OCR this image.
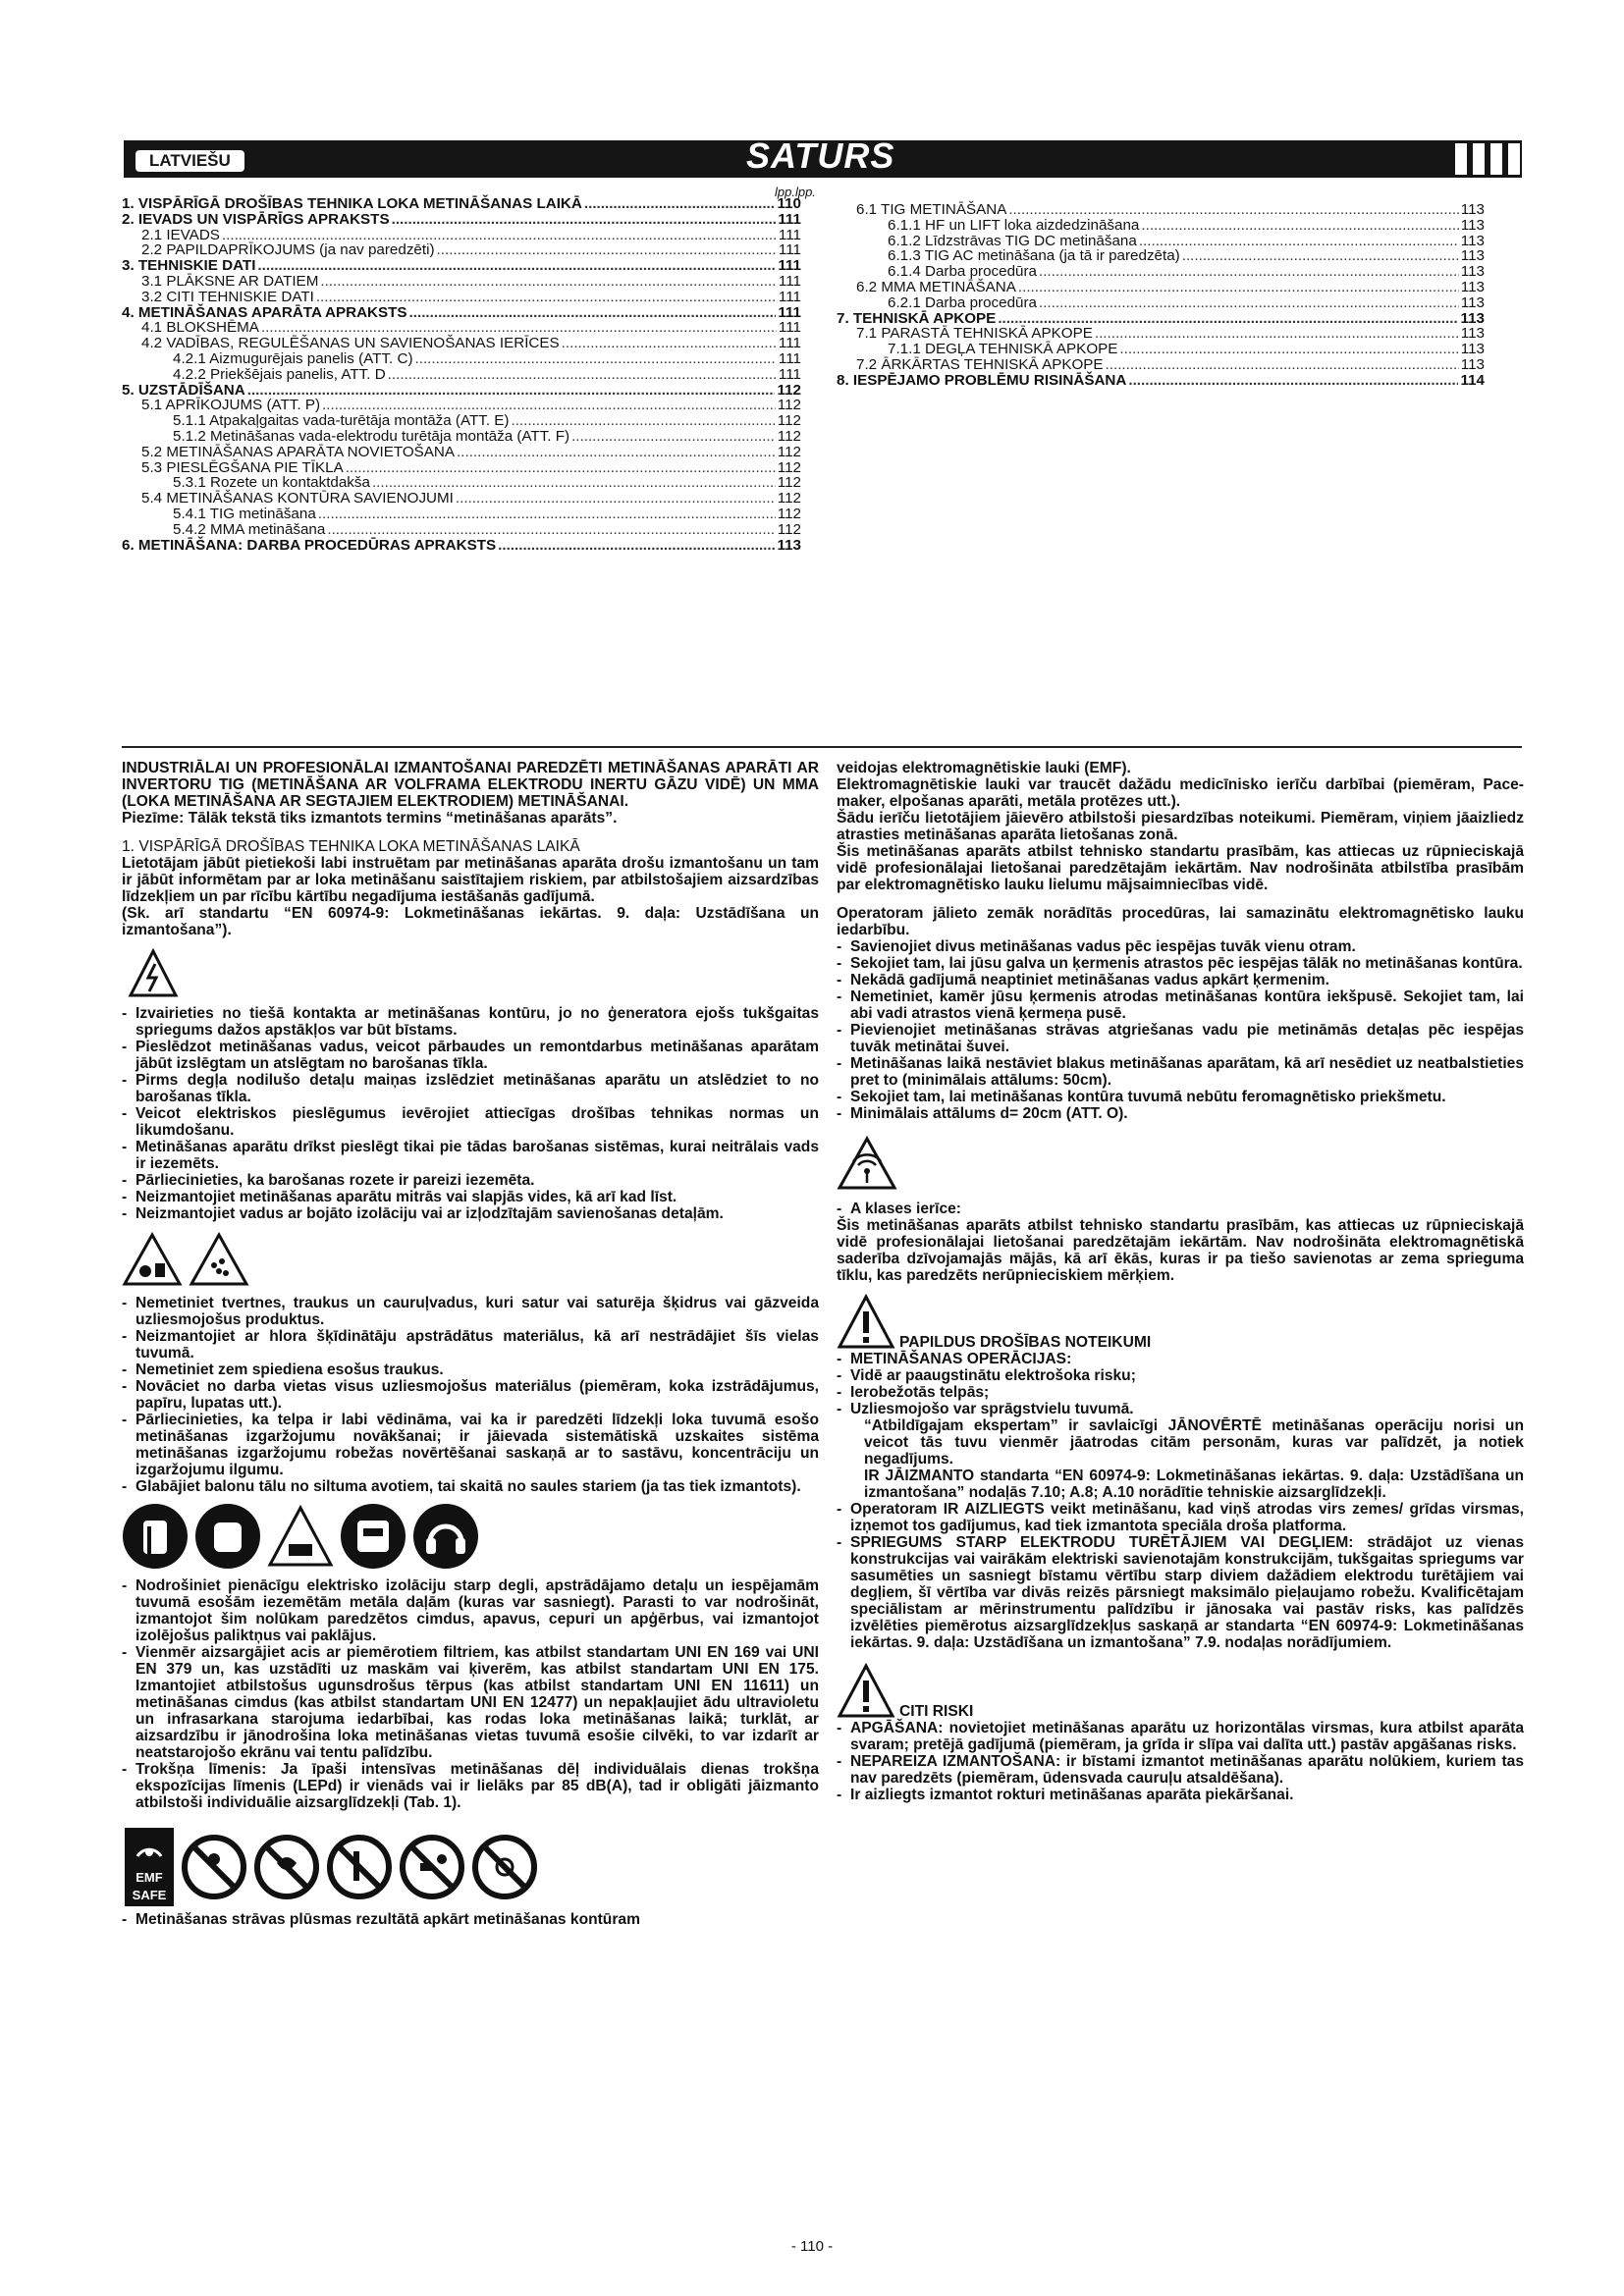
LATVIEŠU	SATURS
lpp.lpp.
1. VISPĀRĪGĀ DROŠĪBAS TEHNIKA LOKA METINĀŠANAS LAIKĀ .....	110
2. IEVADS UN VISPĀRĪGS APRAKSTS .....	111
2.1 IEVADS .....	111
2.2 PAPILDAPRĪKOJUMS (ja nav paredzēti) .....	111
3. TEHNISKIE DATI .....	111
3.1 PLĀKSNE AR DATIEM .....	111
3.2 CITI TEHNISKIE DATI .....	111
4. METINĀŠANAS APARĀTA APRAKSTS .....	111
4.1 BLOKSHĒMA .....	111
4.2 VADĪBAS, REGULĒŠANAS UN SAVIENOŠANAS IERĪCES .....	111
4.2.1 Aizmugurējais panelis (ATT. C) .....	111
4.2.2 Priekšējais panelis, ATT. D .....	111
5. UZSTĀDĪŠANA .....	112
5.1 APRĪKOJUMS (ATT. P) .....	112
5.1.1 Atpakaļgaitas vada-turētāja montāža (ATT. E) .....	112
5.1.2 Metināšanas vada-elektrodu turētāja montāža (ATT. F) .....	112
5.2 METINĀŠANAS APARĀTA NOVIETOŠANA .....	112
5.3 PIESLĒGŠANA PIE TĪKLA .....	112
5.3.1 Rozete un kontaktdakša .....	112
5.4 METINĀŠANAS KONTŪRA SAVIENOJUMI .....	112
5.4.1 TIG metināšana .....	112
5.4.2 MMA metināšana .....	112
6. METINĀŠANA: DARBA PROCEDŪRAS APRAKSTS .....	113
6.1 TIG METINĀŠANA .....	113
6.1.1 HF un LIFT loka aizdedzināšana .....	113
6.1.2 Līdzstrāvas TIG DC metināšana .....	113
6.1.3 TIG AC metināšana (ja tā ir paredzēta) .....	113
6.1.4 Darba procedūra .....	113
6.2 MMA METINĀŠANA .....	113
6.2.1 Darba procedūra .....	113
7. TEHNISKĀ APKOPE .....	113
7.1 PARASTĀ TEHNISKĀ APKOPE .....	113
7.1.1 DEGĻA TEHNISKĀ APKOPE .....	113
7.2 ĀRKĀRTAS TEHNISKĀ APKOPE .....	113
8. IESPĒJAMO PROBLĒMU RISINĀŠANA .....	114

INDUSTRIĀLAI UN PROFESIONĀLAI IZMANTOŠANAI PAREDZĒTI METINĀŠANAS APARĀTI AR INVERTORU TIG (METINĀŠANA AR VOLFRAMA ELEKTRODU INERTU GĀZU VIDĒ) UN MMA (LOKA METINĀŠANA AR SEGTAJIEM ELEKTRODIEM) METINĀŠANAI.

Piezīme: Tālāk tekstā tiks izmantots termins “metināšanas aparāts”.

1. VISPĀRĪGĀ DROŠĪBAS TEHNIKA LOKA METINĀŠANAS LAIKĀ

Lietotājam jābūt pietiekoši labi instruētam par metināšanas aparāta drošu izmantošanu un tam ir jābūt informētam par ar loka metināšanu saistītajiem riskiem, par atbilstošajiem aizsardzības līdzekļiem un par rīcību kārtību negadījuma iestāšanās gadījumā.

(Sk. arī standartu “EN 60974-9: Lokmetināšanas iekārtas. 9. daļa: Uzstādīšana un izmantošana”).

- Izvairieties no tiešā kontakta ar metināšanas kontūru, jo no ģeneratora ejošs tukšgaitas spriegums dažos apstākļos var būt bīstams.
- Pieslēdzot metināšanas vadus, veicot pārbaudes un remontdarbus metināšanas aparātam jābūt izslēgtam un atslēgtam no barošanas tīkla.
- Pirms degļa nodilušo detaļu maiņas izslēdziet metināšanas aparātu un atslēdziet to no barošanas tīkla.
- Veicot elektriskos pieslēgumus ievērojiet attiecīgas drošības tehnikas normas un likumdošanu.
- Metināšanas aparātu drīkst pieslēgt tikai pie tādas barošanas sistēmas, kurai neitrālais vads ir iezemēts.
- Pārliecinieties, ka barošanas rozete ir pareizi iezemēta.
- Neizmantojiet metināšanas aparātu mitrās vai slapjās vides, kā arī kad līst.
- Neizmantojiet vadus ar bojāto izolāciju vai ar izļodzītajām savienošanas detaļām.
- Nemetiniet tvertnes, traukus un cauruļvadus, kuri satur vai saturēja šķidrus vai gāzveida uzliesmojošus produktus.
- Neizmantojiet ar hlora šķīdinātāju apstrādātus materiālus, kā arī nestrādājiet šīs vielas tuvumā.
- Nemetiniet zem spiediena esošus traukus.
- Novāciet no darba vietas visus uzliesmojošus materiālus (piemēram, koka izstrādājumus, papīru, lupatas utt.).
- Pārliecinieties, ka telpa ir labi vēdināma, vai ka ir paredzēti līdzekļi loka tuvumā esošo metināšanas izgaržojumu novākšanai; ir jāievada sistemātiskā uzskaites sistēma metināšanas izgaržojumu robežas novērtēšanai saskaņā ar to sastāvu, koncentrāciju un izgaržojumu ilgumu.
- Glabājiet balonu tālu no siltuma avotiem, tai skaitā no saules stariem (ja tas tiek izmantots).
- Nodrošiniet pienācīgu elektrisko izolāciju starp degli, apstrādājamo detaļu un iespējamām tuvumā esošām iezemētām metāla daļām (kuras var sasniegt). Parasti to var nodrošināt, izmantojot šim nolūkam paredzētos cimdus, apavus, cepuri un apģērbus, vai izmantojot izolējošus paliktņus vai paklājus.
- Vienmēr aizsargājiet acis ar piemērotiem filtriem, kas atbilst standartam UNI EN 169 vai UNI EN 379 un, kas uzstādīti uz maskām vai ķiverēm, kas atbilst standartam UNI EN 175. Izmantojiet atbilstošus ugunsdrošus tērpus (kas atbilst standartam UNI EN 11611) un metināšanas cimdus (kas atbilst standartam UNI EN 12477) un nepakļaujiet ādu ultravioletu un infrasarkana starojuma iedarbībai, kas rodas loka metināšanas laikā; turklāt, ar aizsardzību ir jānodrošina loka metināšanas vietas tuvumā esošie cilvēki, to var izdarīt ar neatstarojošo ekrānu vai tentu palīdzību.
- Trokšņa līmenis: Ja īpaši intensīvas metināšanas dēļ individuālais dienas trokšņa ekspozīcijas līmenis (LEPd) ir vienāds vai ir lielāks par 85 dB(A), tad ir obligāti jāizmanto atbilstoši individuālie aizsarglīdzekļi (Tab. 1).
EMF
SAFE
- Metināšanas strāvas plūsmas rezultātā apkārt metināšanas kontūram

veidojas elektromagnētiskie lauki (EMF).

Elektromagnētiskie lauki var traucēt dažādu medicīnisko ierīču darbībai (piemēram, Pace-maker, elpošanas aparāti, metāla protēzes utt.).

Šādu ierīču lietotājiem jāievēro atbilstoši piesardzības noteikumi. Piemēram, viņiem jāaizliedz atrasties metināšanas aparāta lietošanas zonā.

Šis metināšanas aparāts atbilst tehnisko standartu prasībām, kas attiecas uz rūpnieciskajā vidē profesionālajai lietošanai paredzētajām iekārtām. Nav nodrošināta atbilstība prasībām par elektromagnētisko lauku lielumu mājsaimniecības vidē.

Operatoram jālieto zemāk norādītās procedūras, lai samazinātu elektromagnētisko lauku iedarbību.

- Savienojiet divus metināšanas vadus pēc iespējas tuvāk vienu otram.
- Sekojiet tam, lai jūsu galva un ķermenis atrastos pēc iespējas tālāk no metināšanas kontūra.
- Nekādā gadījumā neaptiniet metināšanas vadus apkārt ķermenim.
- Nemetiniet, kamēr jūsu ķermenis atrodas metināšanas kontūra iekšpusē. Sekojiet tam, lai abi vadi atrastos vienā ķermeņa pusē.
- Pievienojiet metināšanas strāvas atgriešanas vadu pie metināmās detaļas pēc iespējas tuvāk metinātai šuvei.
- Metināšanas laikā nestāviet blakus metināšanas aparātam, kā arī nesēdiet uz neatbalstieties pret to (minimālais attālums: 50cm).
- Sekojiet tam, lai metināšanas kontūra tuvumā nebūtu feromagnētisko priekšmetu.
- Minimālais attālums d= 20cm (ATT. O).
- A klases ierīce:

Šis metināšanas aparāts atbilst tehnisko standartu prasībām, kas attiecas uz rūpnieciskajā vidē profesionālajai lietošanai paredzētajām iekārtām. Nav nodrošināta elektromagnētiskā saderība dzīvojamajās mājās, kā arī ēkās, kuras ir pa tiešo savienotas ar zema sprieguma tīklu, kas paredzēts nerūpnieciskiem mērķiem.

PAPILDUS DROŠĪBAS NOTEIKUMI
- METINĀŠANAS OPERĀCIJAS:
- Vidē ar paaugstinātu elektrošoka risku;
- Ierobežotās telpās;
- Uzliesmojošo var sprāgstvielu tuvumā.

“Atbildīgajam ekspertam” ir savlaicīgi JĀNOVĒRTĒ metināšanas operāciju norisi un veicot tās tuvu vienmēr jāatrodas citām personām, kuras var palīdzēt, ja notiek negadījums.

IR JĀIZMANTO standarta “EN 60974-9: Lokmetināšanas iekārtas. 9. daļa: Uzstādīšana un izmantošana” nodaļās 7.10; A.8; A.10 norādītie tehniskie aizsarglīdzekļi.

- Operatoram IR AIZLIEGTS veikt metināšanu, kad viņš atrodas virs zemes/ grīdas virsmas, izņemot tos gadījumus, kad tiek izmantota speciāla droša platforma.
- SPRIEGUMS STARP ELEKTRODU TURĒTĀJIEM VAI DEGĻIEM: strādājot uz vienas konstrukcijas vai vairākām elektriski savienotajām konstrukcijām, tukšgaitas spriegums var sasumēties un sasniegt bīstamu vērtību starp diviem dažādiem elektrodu turētājiem vai degļiem, šī vērtība var divās reizēs pārsniegt maksimālo pieļaujamo robežu. Kvalificētajam speciālistam ar mērinstrumentu palīdzību ir jānosaka vai pastāv risks, kas palīdzēs izvēlēties piemērotus aizsarglīdzekļus saskaņā ar standarta “EN 60974-9: Lokmetināšanas iekārtas. 9. daļa: Uzstādīšana un izmantošana” 7.9. nodaļas norādījumiem.
CITI RISKI
- APGĀŠANA: novietojiet metināšanas aparātu uz horizontālas virsmas, kura atbilst aparāta svaram; pretējā gadījumā (piemēram, ja grīda ir slīpa vai dalīta utt.) pastāv apgāšanas risks.
- NEPAREIZA IZMANTOŠANA: ir bīstami izmantot metināšanas aparātu nolūkiem, kuriem tas nav paredzēts (piemēram, ūdensvada cauruļu atsaldēšana).
- Ir aizliegts izmantot rokturi metināšanas aparāta piekāršanai.
- 110 -
